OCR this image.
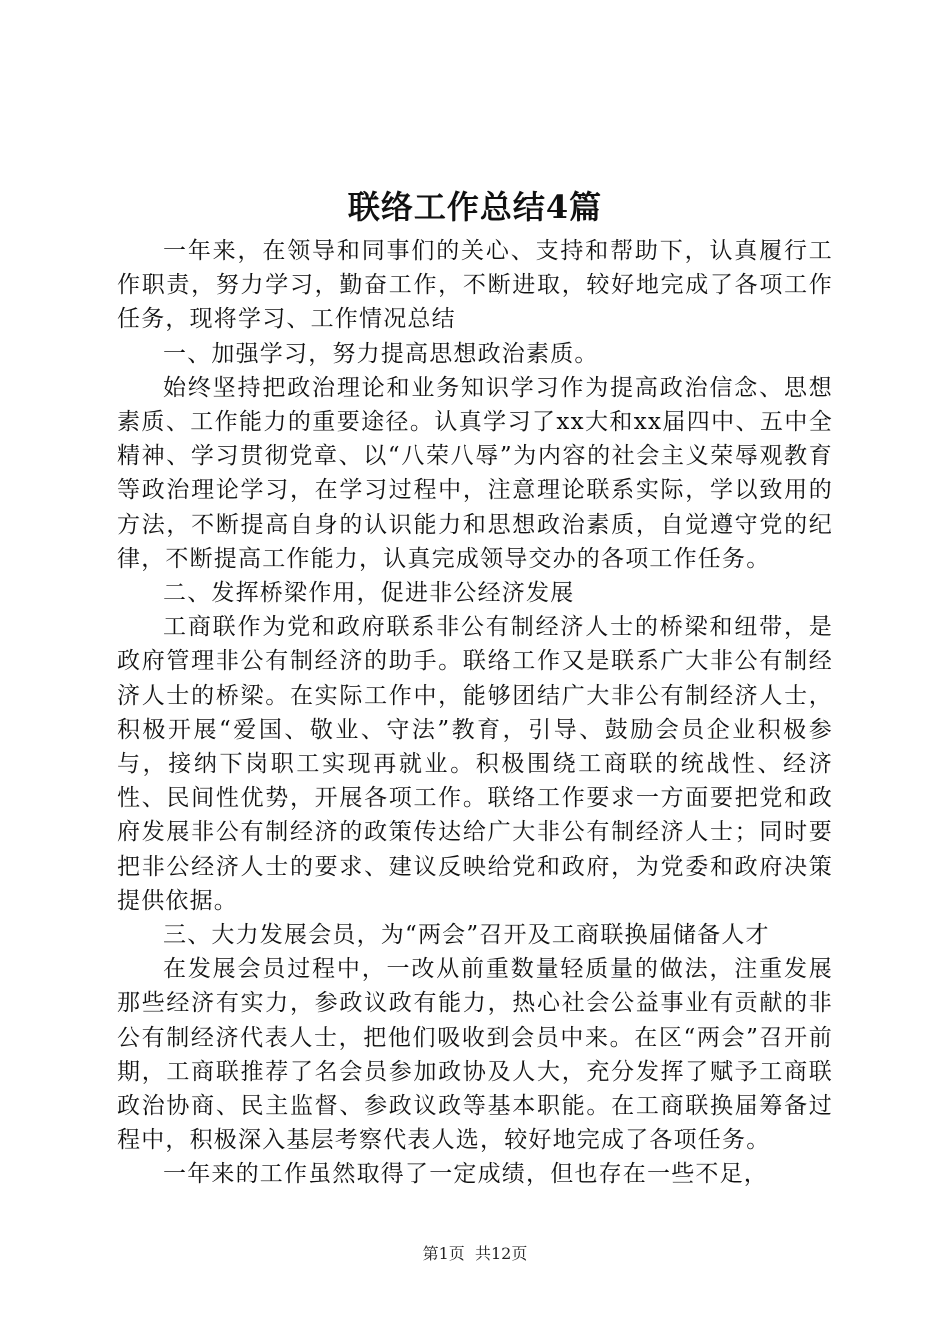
联络工作总结4篇

一年来，在领导和同事们的关心、支持和帮助下，认真履行工作职责，努力学习，勤奋工作，不断进取，较好地完成了各项工作任务，现将学习、工作情况总结

一、加强学习，努力提高思想政治素质。

始终坚持把政治理论和业务知识学习作为提高政治信念、思想素质、工作能力的重要途径。认真学习了xx大和xx届四中、五中全精神、学习贯彻党章、以“八荣八辱”为内容的社会主义荣辱观教育等政治理论学习，在学习过程中，注意理论联系实际，学以致用的方法，不断提高自身的认识能力和思想政治素质，自觉遵守党的纪律，不断提高工作能力，认真完成领导交办的各项工作任务。

二、发挥桥梁作用，促进非公经济发展

工商联作为党和政府联系非公有制经济人士的桥梁和纽带，是政府管理非公有制经济的助手。联络工作又是联系广大非公有制经济人士的桥梁。在实际工作中，能够团结广大非公有制经济人士，积极开展“爱国、敬业、守法”教育，引导、鼓励会员企业积极参与，接纳下岗职工实现再就业。积极围绕工商联的统战性、经济性、民间性优势，开展各项工作。联络工作要求一方面要把党和政府发展非公有制经济的政策传达给广大非公有制经济人士；同时要把非公经济人士的要求、建议反映给党和政府，为党委和政府决策提供依据。

三、大力发展会员，为“两会”召开及工商联换届储备人才

在发展会员过程中，一改从前重数量轻质量的做法，注重发展那些经济有实力，参政议政有能力，热心社会公益事业有贡献的非公有制经济代表人士，把他们吸收到会员中来。在区“两会”召开前期，工商联推荐了名会员参加政协及人大，充分发挥了赋予工商联政治协商、民主监督、参政议政等基本职能。在工商联换届筹备过程中，积极深入基层考察代表人选，较好地完成了各项任务。

一年来的工作虽然取得了一定成绩，但也存在一些不足，

第1页 共12页
